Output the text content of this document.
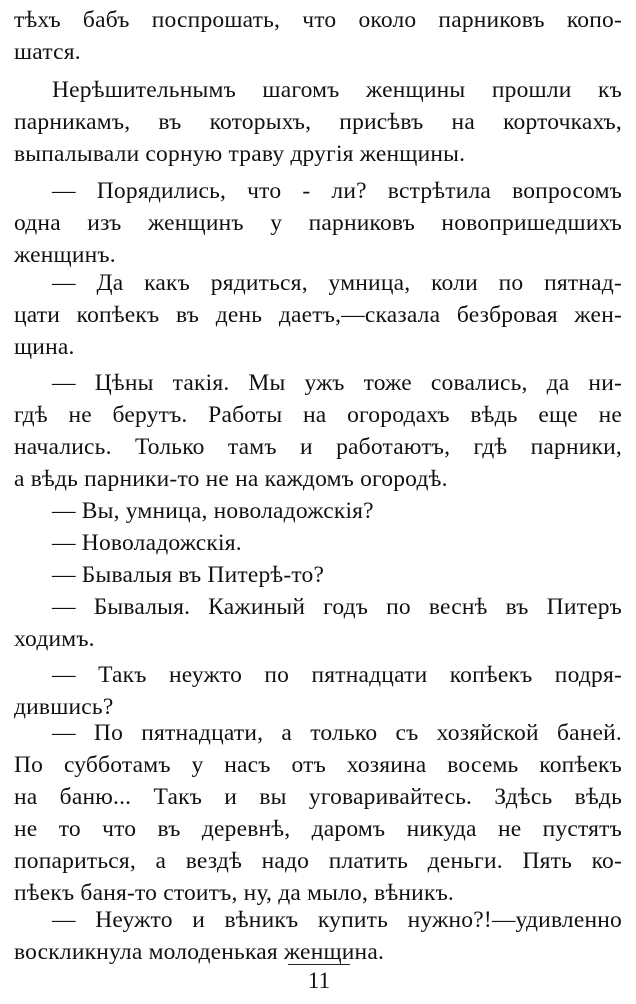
тѣхъ бабъ поспрошать, что около парниковъ копо-
шатся.
Нерѣшительнымъ шагомъ женщины прошли къ
парникамъ, въ которыхъ, присѣвъ на корточкахъ,
выпалывали сорную траву другія женщины.
— Порядились, что - ли? встрѣтила вопросомъ
одна изъ женщинъ у парниковъ новопришедшихъ
женщинъ.
— Да какъ рядиться, умница, коли по пятнад-
цати копѣекъ въ день даетъ,—сказала безбровая жен-
щина.
— Цѣны такія. Мы ужъ тоже совались, да ни-
гдѣ не берутъ. Работы на огородахъ вѣдь еще не
начались. Только тамъ и работаютъ, гдѣ парники,
а вѣдь парники-то не на каждомъ огородѣ.
— Вы, умница, новоладожскія?
— Новоладожскія.
— Бывалыя въ Питерѣ-то?
— Бывалыя. Кажиный годъ по веснѣ въ Питеръ
ходимъ.
— Такъ неужто по пятнадцати копѣекъ подря-
дившись?
— По пятнадцати, а только съ хозяйской баней.
По субботамъ у насъ отъ хозяина восемь копѣекъ
на баню... Такъ и вы уговаривайтесь. Здѣсь вѣдь
не то что въ деревнѣ, даромъ никуда не пустятъ
попариться, а вездѣ надо платить деньги. Пять ко-
пѣекъ баня-то стоитъ, ну, да мыло, вѣникъ.
— Неужто и вѣникъ купить нужно?!—удивленно
воскликнула молоденькая женщина.
11
